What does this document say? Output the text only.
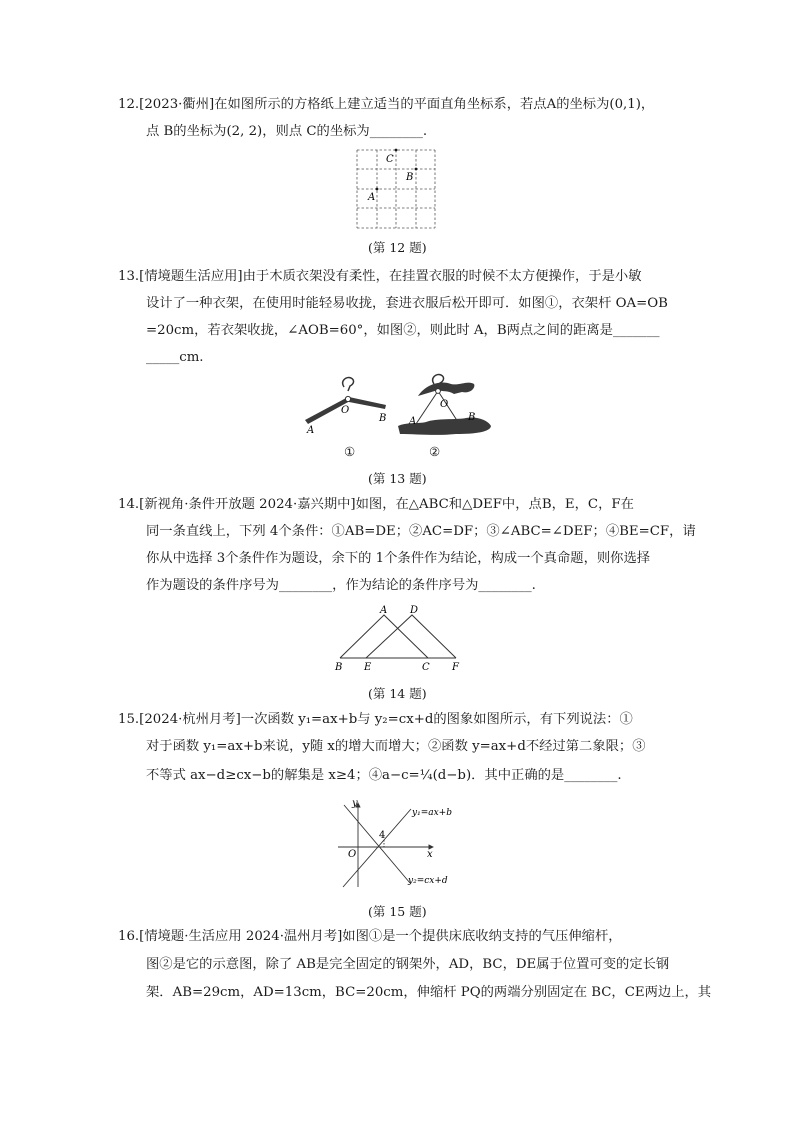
12.[2023·衢州]在如图所示的方格纸上建立适当的平面直角坐标系，若点A的坐标为(0,1)，
点 B的坐标为(2, 2)，则点 C的坐标为________.
C
B
A
(第 12 题)
13.[情境题生活应用]由于木质衣架没有柔性，在挂置衣服的时候不太方便操作，于是小敏
设计了一种衣架，在使用时能轻易收拢，套进衣服后松开即可．如图①，衣架杆 OA=OB
=20cm，若衣架收拢，∠AOB=60°，如图②，则此时 A，B两点之间的距离是_______
_____cm.
O
A
B
O
A	B
①	②
(第 13 题)
14.[新视角·条件开放题 2024·嘉兴期中]如图，在△ABC和△DEF中，点B，E，C，F在
同一条直线上，下列 4个条件：①AB=DE；②AC=DF；③∠ABC=∠DEF；④BE=CF，请
你从中选择 3个条件作为题设，余下的 1个条件作为结论，构成一个真命题，则你选择
作为题设的条件序号为________，作为结论的条件序号为________.
A D
B E	C F
(第 14 题)
15.[2024·杭州月考]一次函数 y₁=ax+b与 y₂=cx+d的图象如图所示，有下列说法：①
对于函数 y₁=ax+b来说，y随 x的增大而增大；②函数 y=ax+d不经过第二象限；③
不等式 ax−d≥cx−b的解集是 x≥4；④a−c=¼(d−b)．其中正确的是________.
y
x
O
4
y₁=ax+b
y₂=cx+d
(第 15 题)
16.[情境题·生活应用 2024·温州月考]如图①是一个提供床底收纳支持的气压伸缩杆，
图②是它的示意图，除了 AB是完全固定的钢架外，AD，BC，DE属于位置可变的定长钢
架．AB=29cm，AD=13cm，BC=20cm，伸缩杆 PQ的两端分别固定在 BC，CE两边上，其
